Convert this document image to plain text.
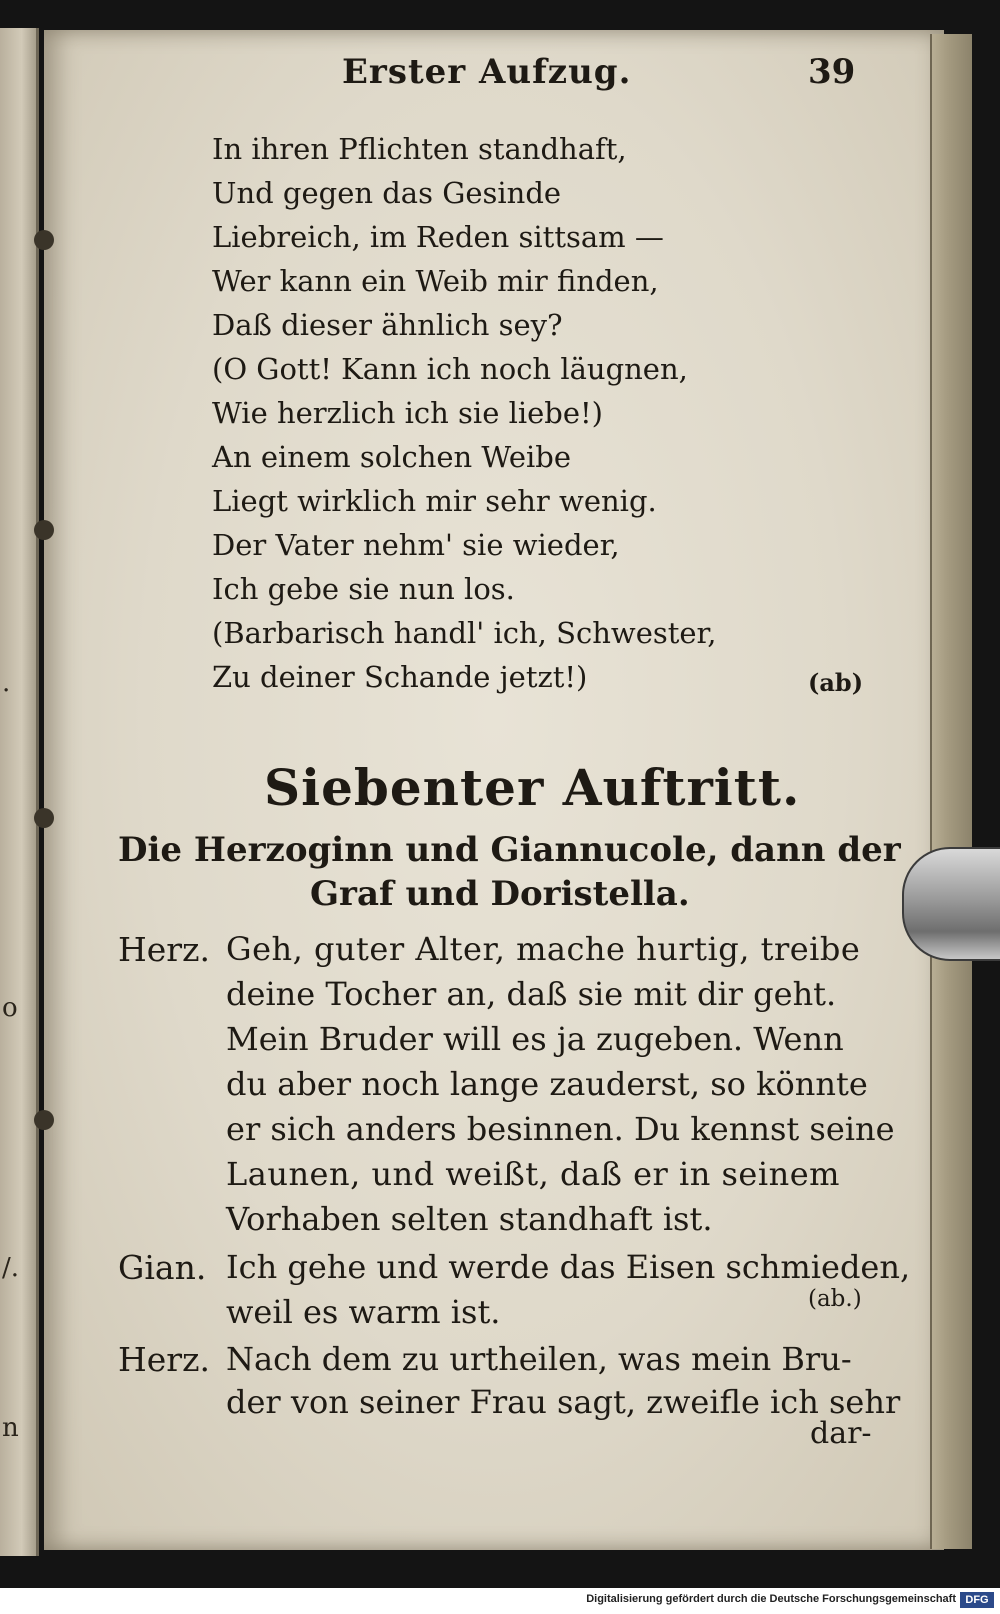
.
o
/.
n
Erster Aufzug.	39
In ihren Pflichten standhaft,
Und gegen das Gesinde
Liebreich, im Reden sittsam —
Wer kann ein Weib mir finden,
Daß dieser ähnlich sey?
(O Gott! Kann ich noch läugnen,
Wie herzlich ich sie liebe!)
An einem solchen Weibe
Liegt wirklich mir sehr wenig.
Der Vater nehm' sie wieder,
Ich gebe sie nun los.
(Barbarisch handl' ich, Schwester,
Zu deiner Schande jetzt!)	(ab)
Siebenter Auftritt.
Die Herzoginn und Giannucole, dann der
Graf und Doristella.
Herz. Geh, guter Alter, mache hurtig, treibe
deine Tocher an, daß sie mit dir geht.
Mein Bruder will es ja zugeben. Wenn
du aber noch lange zauderst, so könnte
er sich anders besinnen. Du kennst seine
Launen, und weißt, daß er in seinem
Vorhaben selten standhaft ist.
Gian. Ich gehe und werde das Eisen schmieden,
weil es warm ist.	(ab.)
Herz. Nach dem zu urtheilen, was mein Bru-
der von seiner Frau sagt, zweifle ich sehr
dar-
Digitalisierung gefördert durch die Deutsche Forschungsgemeinschaft DFG
